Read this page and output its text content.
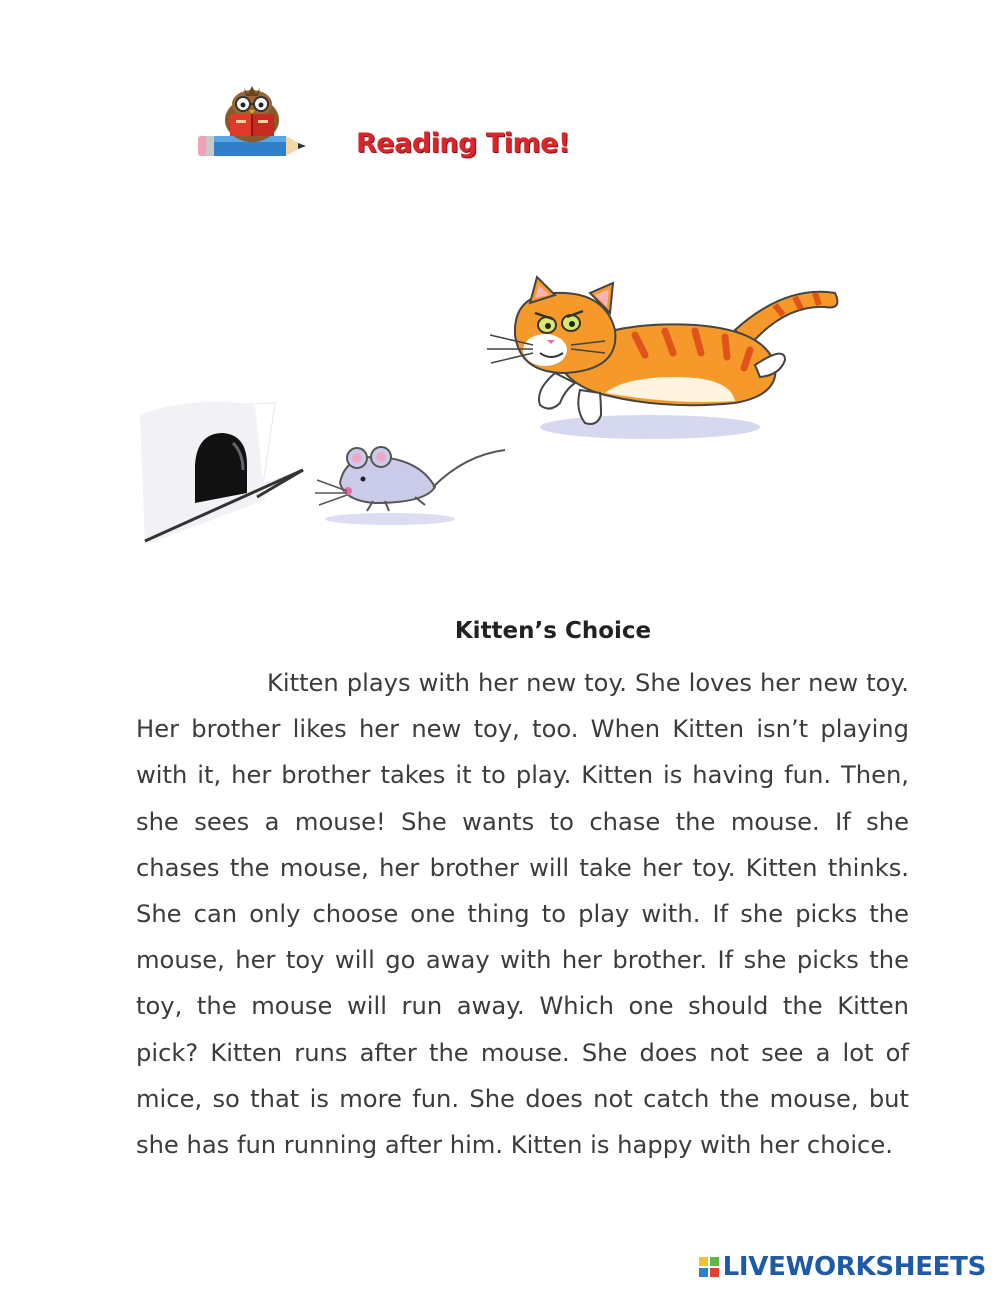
Reading Time!
Kitten’s Choice

Kitten plays with her new toy. She loves her new toy. Her brother likes her new toy, too. When Kitten isn’t playing with it, her brother takes it to play. Kitten is having fun. Then, she sees a mouse! She wants to chase the mouse. If she chases the mouse, her brother will take her toy. Kitten thinks. She can only choose one thing to play with. If she picks the mouse, her toy will go away with her brother. If she picks the toy, the mouse will run away. Which one should the Kitten pick? Kitten runs after the mouse. She does not see a lot of mice, so that is more fun. She does not catch the mouse, but she has fun running after him. Kitten is happy with her choice.

LIVEWORKSHEETS
